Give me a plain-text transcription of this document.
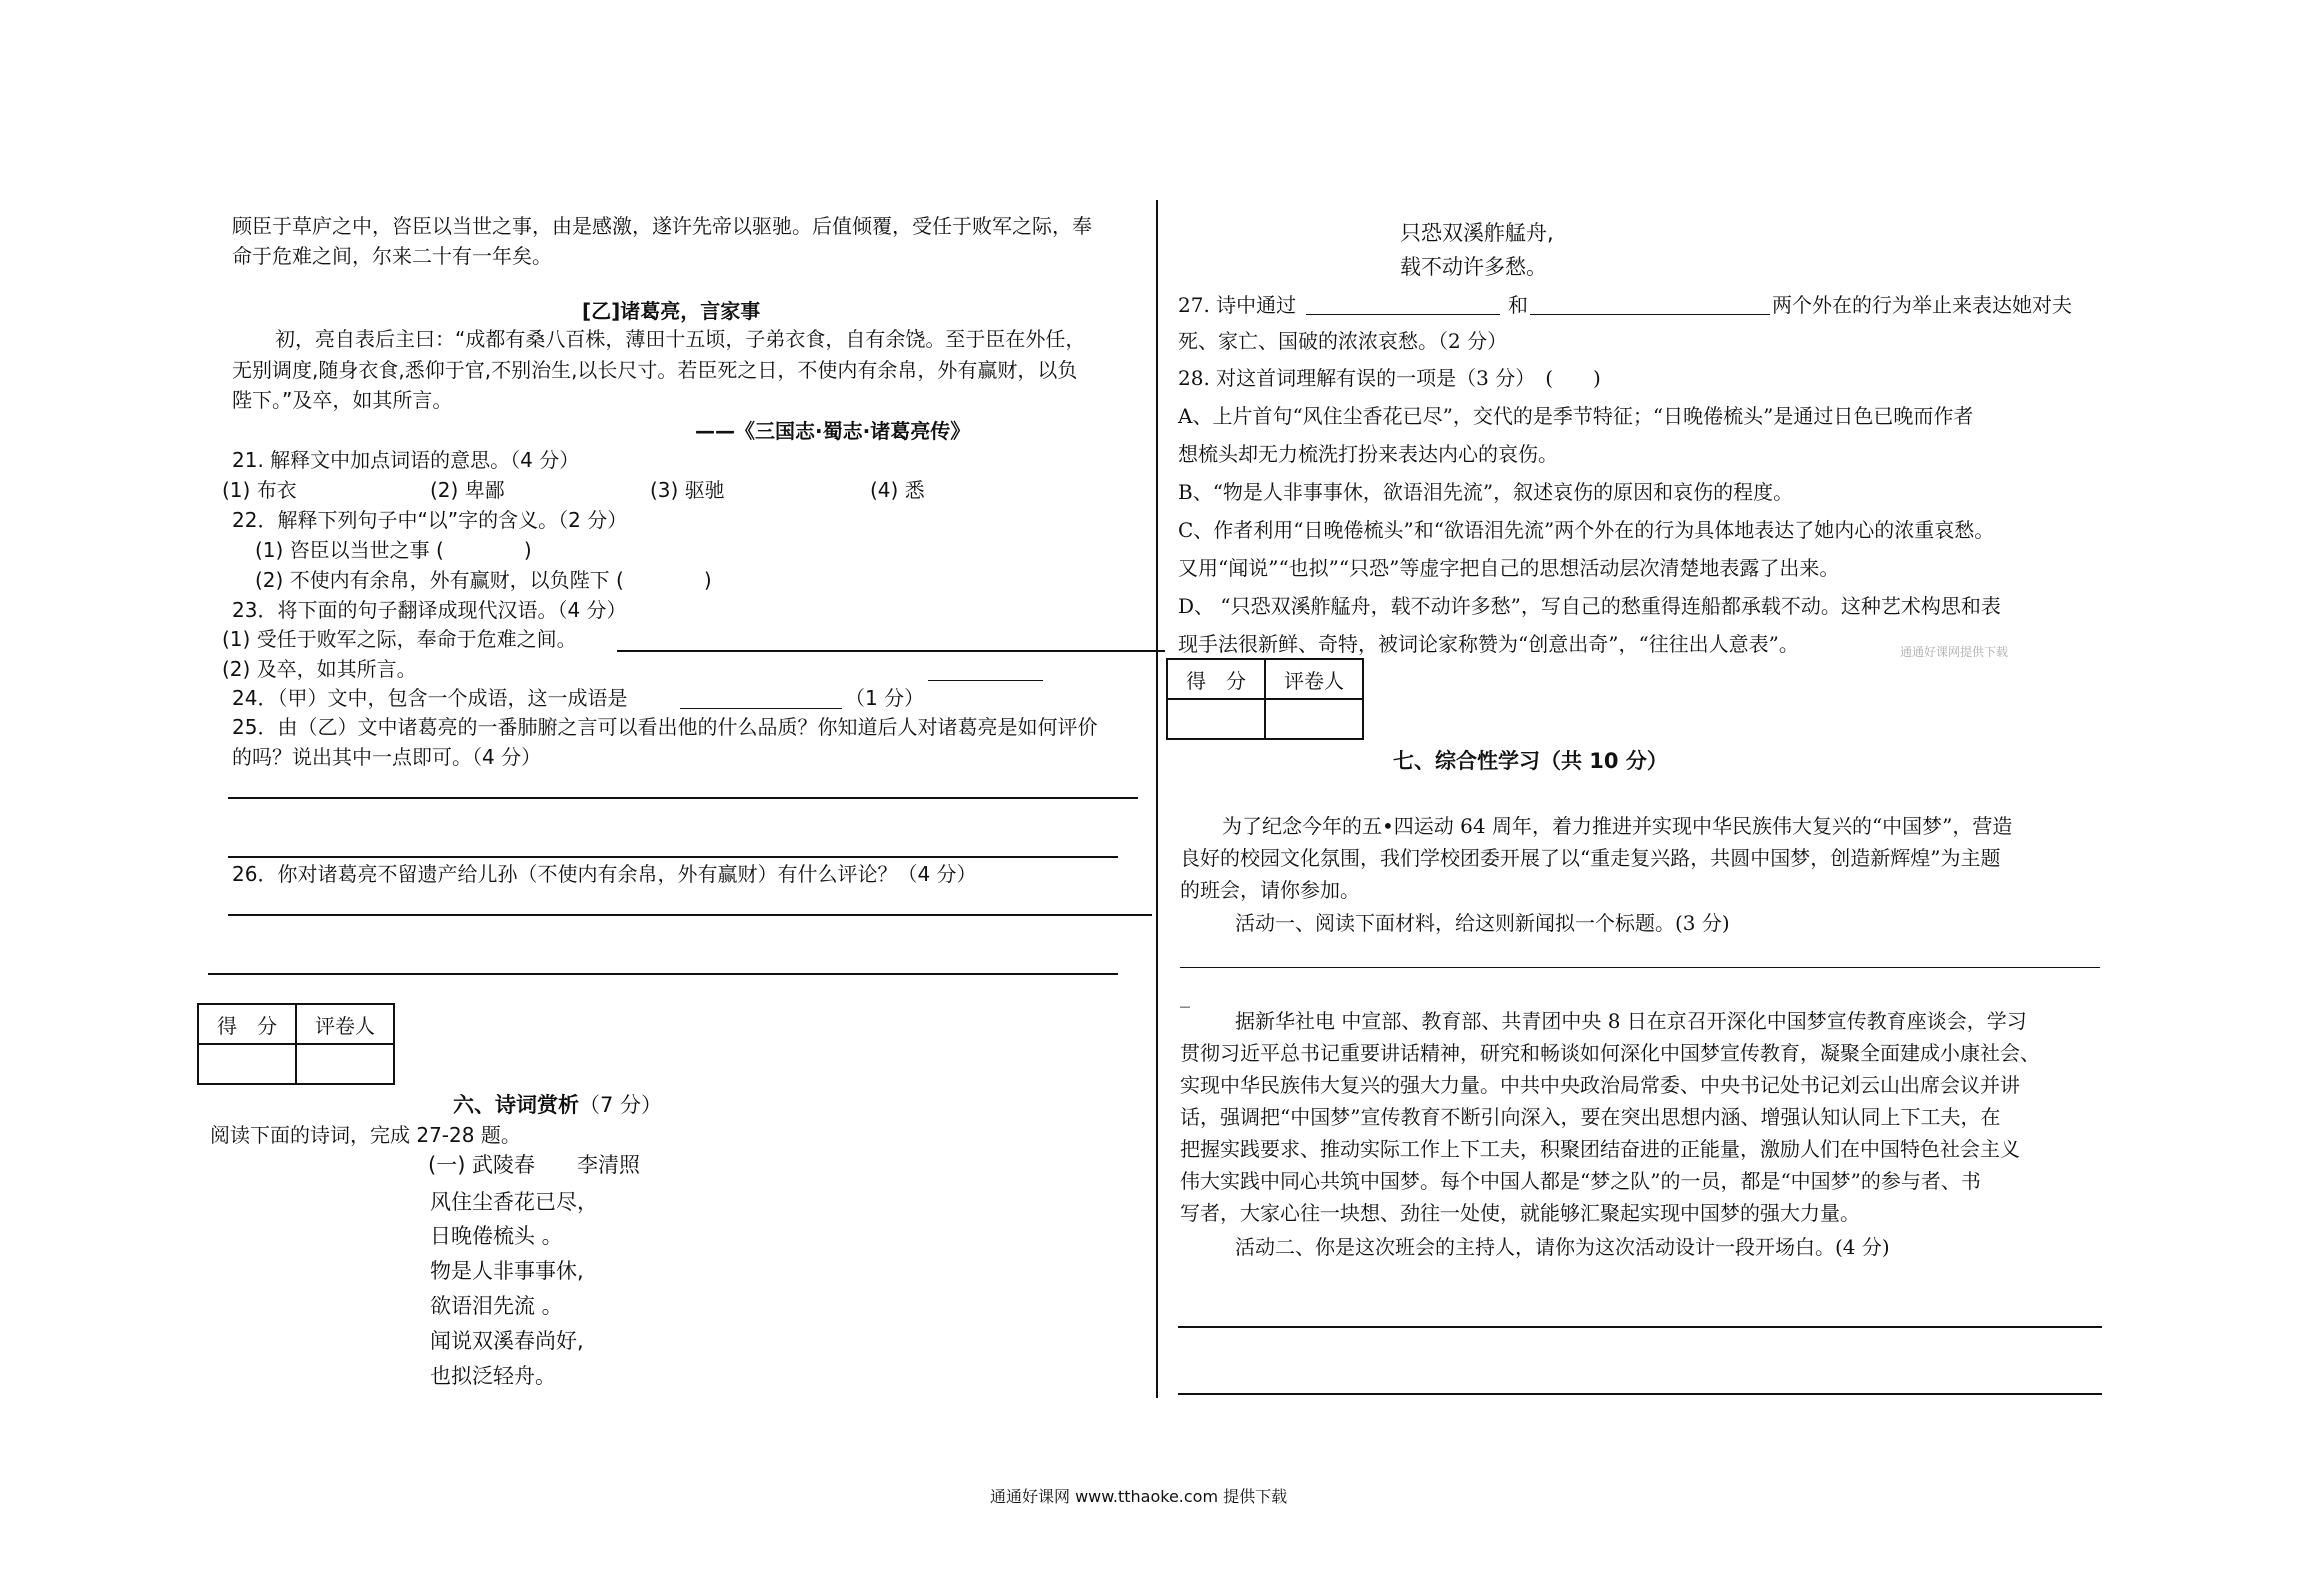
顾臣于草庐之中，咨臣以当世之事，由是感激，遂许先帝以驱驰。后值倾覆，受任于败军之际，奉
命于危难之间，尔来二十有一年矣。
[乙]诸葛亮，言家事
初，亮自表后主曰：“成都有桑八百株，薄田十五顷，子弟衣食，自有余饶。至于臣在外任，
无别调度,随身衣食,悉仰于官,不别治生,以长尺寸。若臣死之日，不使内有余帛，外有赢财，以负
陛下。”及卒，如其所言。
——《三国志·蜀志·诸葛亮传》
21. 解释文中加点词语的意思。（4 分）
(1) 布衣	(2) 卑鄙	(3) 驱驰	(4) 悉
22．解释下列句子中“以”字的含义。（2 分）
(1) 咨臣以当世之事 (　　　　)
(2) 不使内有余帛，外有赢财，以负陛下 (　　　　)
23．将下面的句子翻译成现代汉语。（4 分）
(1) 受任于败军之际，奉命于危难之间。
(2) 及卒，如其所言。
24．（甲）文中，包含一个成语，这一成语是	（1 分）
25．由（乙）文中诸葛亮的一番肺腑之言可以看出他的什么品质？你知道后人对诸葛亮是如何评价
的吗？说出其中一点即可。（4 分）
26．你对诸葛亮不留遗产给儿孙（不使内有余帛，外有赢财）有什么评论？（4 分）
得　分	评卷人

六、诗词赏析（7 分）
阅读下面的诗词，完成 27-28 题。
(一) 武陵春　　李清照
风住尘香花已尽，
日晚倦梳头 。
物是人非事事休,
欲语泪先流 。
闻说双溪春尚好,
也拟泛轻舟。
只恐双溪舴艋舟,
载不动许多愁。
27. 诗中通过	和	两个外在的行为举止来表达她对夫
死、家亡、国破的浓浓哀愁。（2 分）
28. 对这首词理解有误的一项是（3 分）　(　　)
A、上片首句“风住尘香花已尽”，交代的是季节特征；“日晚倦梳头”是通过日色已晚而作者
想梳头却无力梳洗打扮来表达内心的哀伤。
B、“物是人非事事休，欲语泪先流”，叙述哀伤的原因和哀伤的程度。
C、作者利用“日晚倦梳头”和“欲语泪先流”两个外在的行为具体地表达了她内心的浓重哀愁。
又用“闻说”“也拟”“只恐”等虚字把自己的思想活动层次清楚地表露了出来。
D、 “只恐双溪舴艋舟，载不动许多愁”，写自己的愁重得连船都承载不动。这种艺术构思和表
现手法很新鲜、奇特，被词论家称赞为“创意出奇”，“往往出人意表”。	通通好课网提供下载
得　分	评卷人

七、综合性学习（共 10 分）
为了纪念今年的五•四运动 64 周年，着力推进并实现中华民族伟大复兴的“中国梦”，营造
良好的校园文化氛围，我们学校团委开展了以“重走复兴路，共圆中国梦，创造新辉煌”为主题
的班会，请你参加。
活动一、阅读下面材料，给这则新闻拟一个标题。(3 分)
_
据新华社电 中宣部、教育部、共青团中央 8 日在京召开深化中国梦宣传教育座谈会，学习
贯彻习近平总书记重要讲话精神，研究和畅谈如何深化中国梦宣传教育，凝聚全面建成小康社会、
实现中华民族伟大复兴的强大力量。中共中央政治局常委、中央书记处书记刘云山出席会议并讲
话，强调把“中国梦”宣传教育不断引向深入，要在突出思想内涵、增强认知认同上下工夫，在
把握实践要求、推动实际工作上下工夫，积聚团结奋进的正能量，激励人们在中国特色社会主义
伟大实践中同心共筑中国梦。每个中国人都是“梦之队”的一员，都是“中国梦”的参与者、书
写者，大家心往一块想、劲往一处使，就能够汇聚起实现中国梦的强大力量。
活动二、你是这次班会的主持人，请你为这次活动设计一段开场白。(4 分)
通通好课网 www.tthaoke.com 提供下载
